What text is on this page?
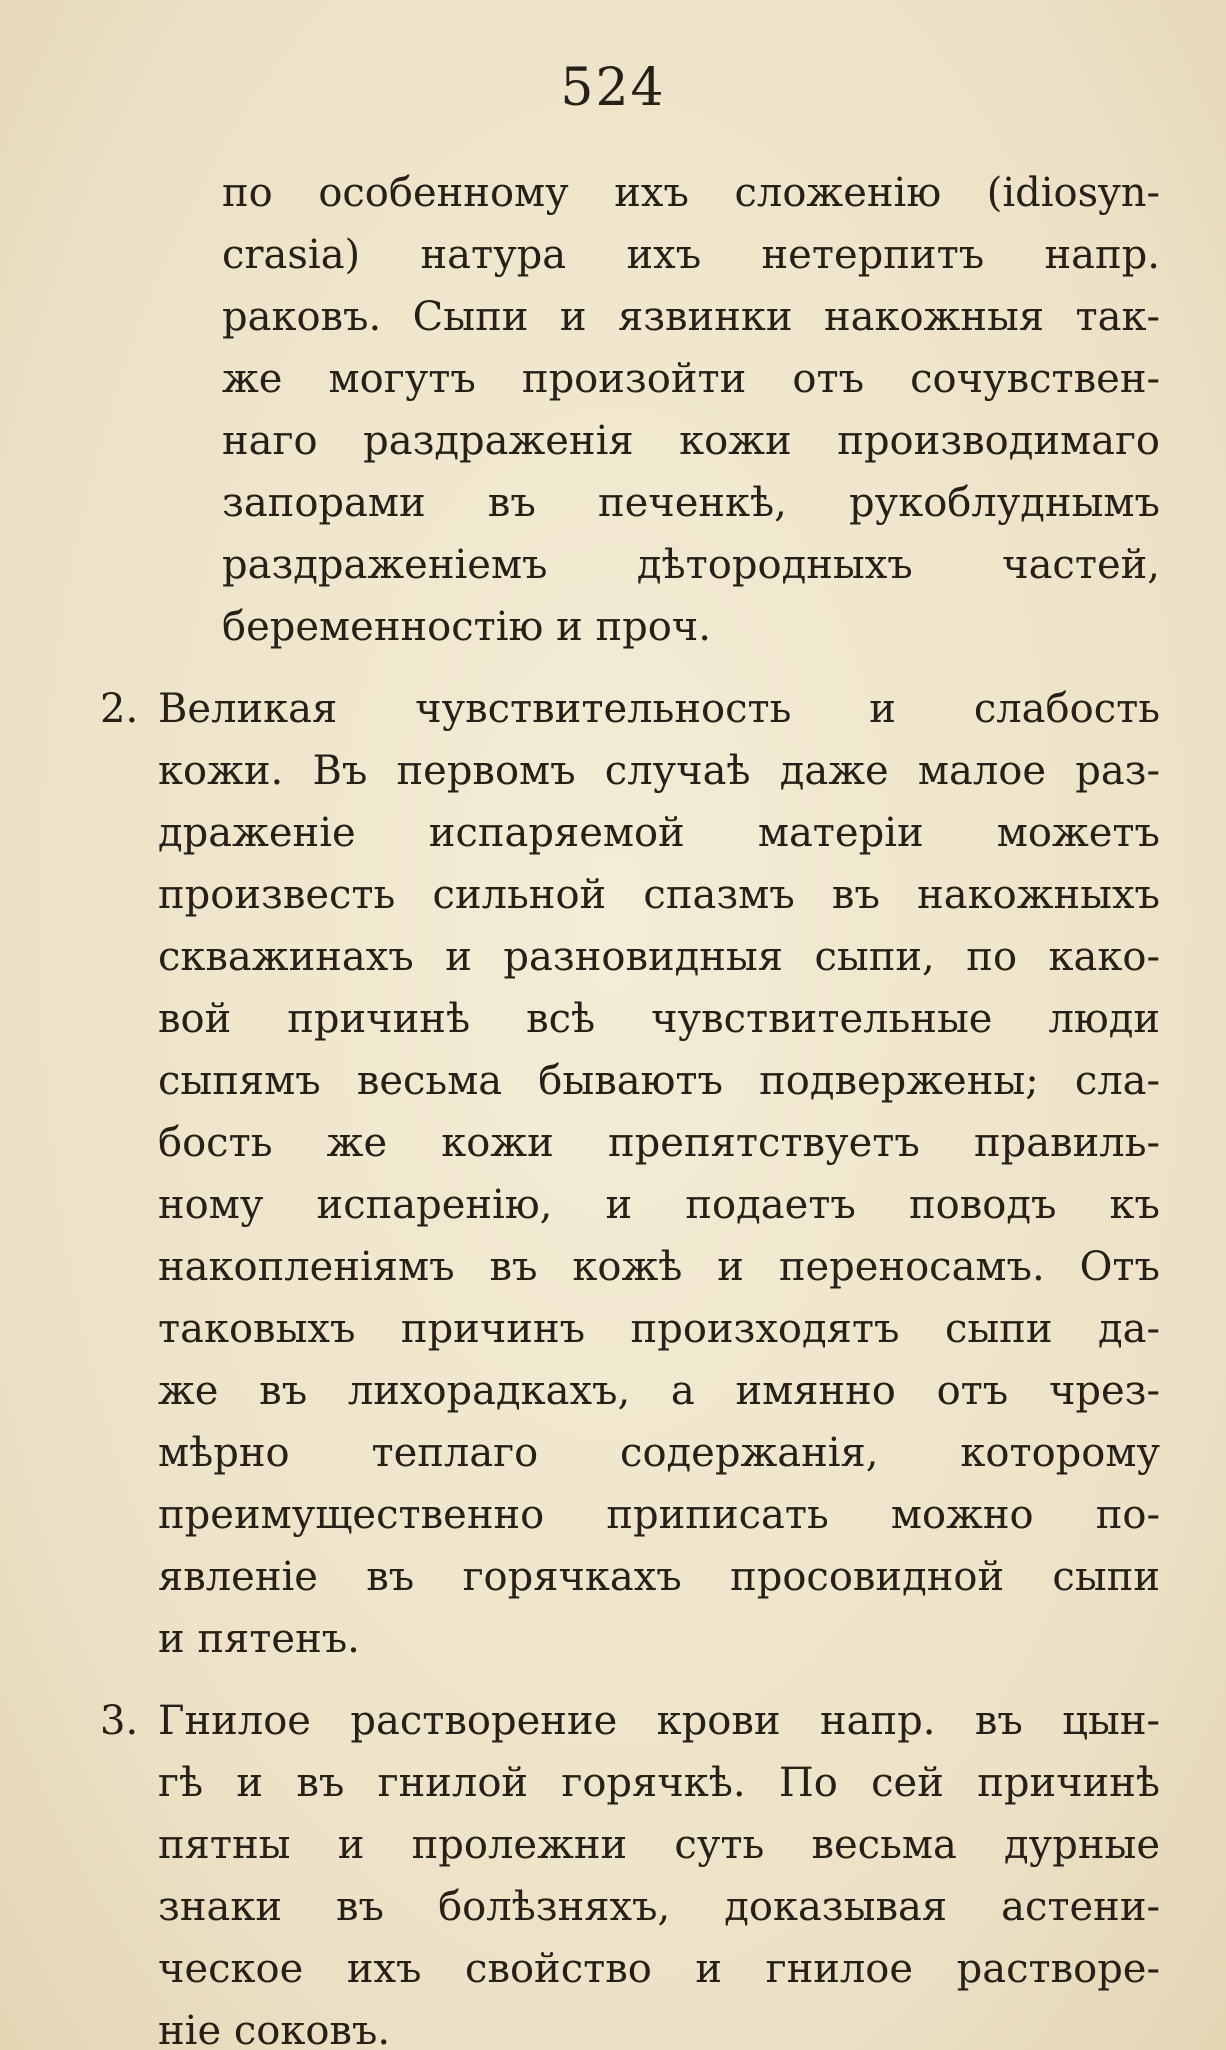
524
по особенному ихъ сложенію (idiosyn-
crasia) натура ихъ нетерпитъ напр.
раковъ. Сыпи и язвинки накожныя так-
же могутъ произойти отъ сочувствен-
наго раздраженія кожи производимаго
запорами въ печенкѣ, рукоблуднымъ
раздраженіемъ дѣтородныхъ частей,
беременностію и проч.
2. Великая чувствительность и слабость
кожи. Въ первомъ случаѣ даже малое раз-
драженіе испаряемой матеріи можетъ
произвесть сильной спазмъ въ накожныхъ
скважинахъ и разновидныя сыпи, по како-
вой причинѣ всѣ чувствительные люди
сыпямъ весьма бываютъ подвержены; сла-
бость же кожи препятствуетъ правиль-
ному испаренію, и подаетъ поводъ къ
накопленіямъ въ кожѣ и переносамъ. Отъ
таковыхъ причинъ произходятъ сыпи да-
же въ лихорадкахъ, а имянно отъ чрез-
мѣрно теплаго содержанія, которому
преимущественно приписать можно по-
явленіе въ горячкахъ просовидной сыпи
и пятенъ.
3. Гнилое растворение крови напр. въ цын-
гѣ и въ гнилой горячкѣ. По сей причинѣ
пятны и пролежни суть весьма дурные
знаки въ болѣзняхъ, доказывая астени-
ческое ихъ свойство и гнилое растворе-
ніе соковъ.
